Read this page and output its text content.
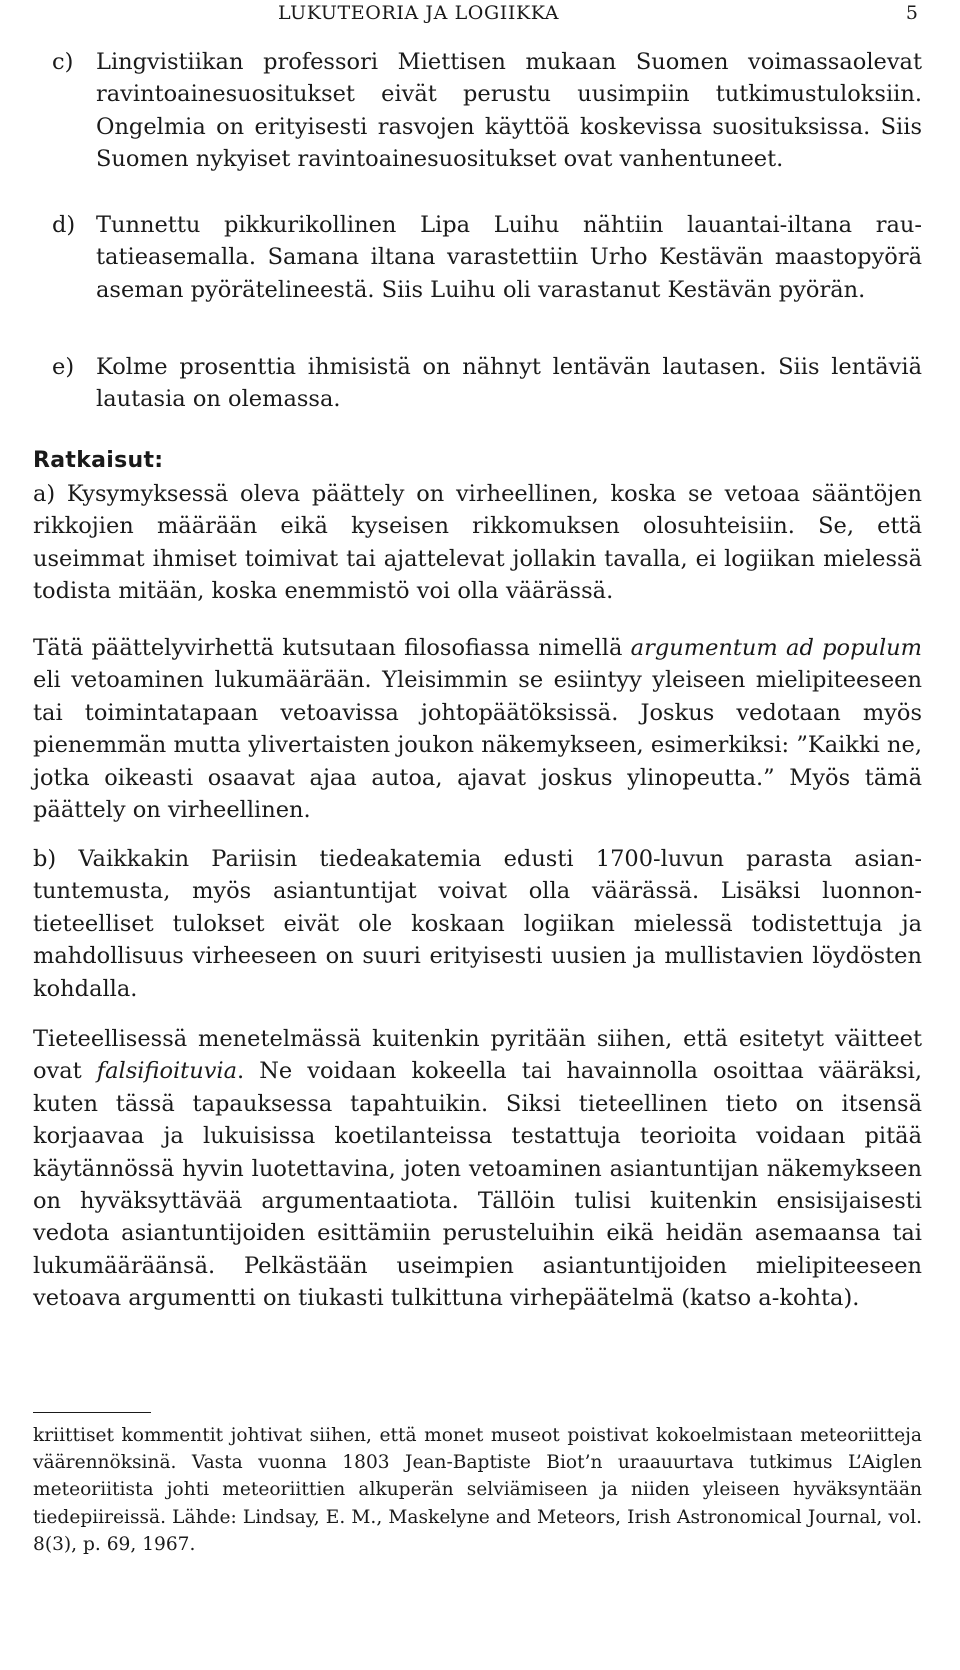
LUKUTEORIA JA LOGIIKKA	5
c) Lingvistiikan professori Miettisen mukaan Suomen voimassaolevat ravintoainesuositukset eivät perustu uusimpiin tutkimustuloksiin. Ongelmia on erityisesti rasvojen käyttöä koskevissa suosituksissa. Siis Suomen nykyiset ravintoainesuositukset ovat vanhentuneet.
d) Tunnettu pikkurikollinen Lipa Luihu nähtiin lauantai-iltana rautatieasemalla. Samana iltana varastettiin Urho Kestävän maastopyörä aseman pyörätelineestä. Siis Luihu oli varastanut Kestävän pyörän.
e) Kolme prosenttia ihmisistä on nähnyt lentävän lautasen. Siis lentäviä lautasia on olemassa.
Ratkaisut:

a) Kysymyksessä oleva päättely on virheellinen, koska se vetoaa sääntöjen rikkojien määrään eikä kyseisen rikkomuksen olosuhteisiin. Se, että useimmat ihmiset toimivat tai ajattelevat jollakin tavalla, ei logiikan mielessä todista mitään, koska enemmistö voi olla väärässä.

Tätä päättelyvirhettä kutsutaan filosofiassa nimellä argumentum ad populum eli vetoaminen lukumäärään. Yleisimmin se esiintyy yleiseen mielipiteeseen tai toimintatapaan vetoavissa johtopäätöksissä. Joskus vedotaan myös pienemmän mutta ylivertaisten joukon näkemykseen, esimerkiksi: ”Kaikki ne, jotka oikeasti osaavat ajaa autoa, ajavat joskus ylinopeutta.” Myös tämä päättely on virheellinen.

b) Vaikkakin Pariisin tiedeakatemia edusti 1700-luvun parasta asiantuntemusta, myös asiantuntijat voivat olla väärässä. Lisäksi luonnontieteelliset tulokset eivät ole koskaan logiikan mielessä todistettuja ja mahdollisuus virheeseen on suuri erityisesti uusien ja mullistavien löydösten kohdalla.

Tieteellisessä menetelmässä kuitenkin pyritään siihen, että esitetyt väitteet ovat falsifioituvia. Ne voidaan kokeella tai havainnolla osoittaa vääräksi, kuten tässä tapauksessa tapahtuikin. Siksi tieteellinen tieto on itsensä korjaavaa ja lukuisissa koetilanteissa testattuja teorioita voidaan pitää käytännössä hyvin luotettavina, joten vetoaminen asiantuntijan näkemykseen on hyväksyttävää argumentaatiota. Tällöin tulisi kuitenkin ensisijaisesti vedota asiantuntijoiden esittämiin perusteluihin eikä heidän asemaansa tai lukumääräänsä. Pelkästään useimpien asiantuntijoiden mielipiteeseen vetoava argumentti on tiukasti tulkittuna virhepäätelmä (katso a-kohta).

kriittiset kommentit johtivat siihen, että monet museot poistivat kokoelmistaan meteoriitteja väärennöksinä. Vasta vuonna 1803 Jean-Baptiste Biot’n uraauurtava tutkimus L’Aiglen meteoriitista johti meteoriittien alkuperän selviämiseen ja niiden yleiseen hyväksyntään tiedepiireissä. Lähde: Lindsay, E. M., Maskelyne and Meteors, Irish Astronomical Journal, vol. 8(3), p. 69, 1967.
